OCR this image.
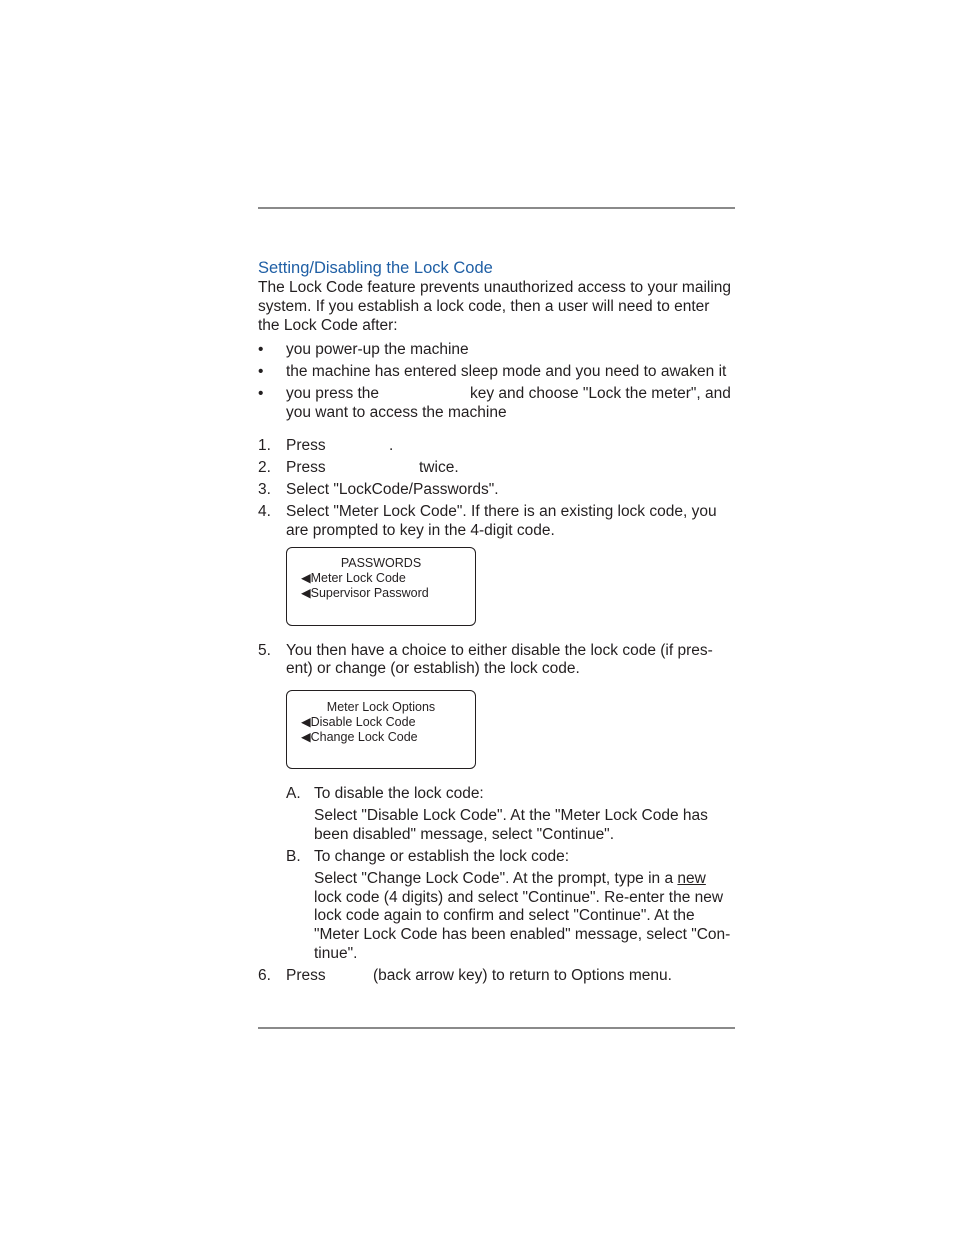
Setting/Disabling the Lock Code
The Lock Code feature prevents unauthorized access to your mailing
system. If you establish a lock code, then a user will need to enter
the Lock Code after:
• you power-up the machine
• the machine has entered sleep mode and you need to awaken it
• you press the	key and choose "Lock the meter", and
you want to access the machine
1. Press	.
2. Press	twice.
3. Select "LockCode/Passwords".
4. Select "Meter Lock Code". If there is an existing lock code, you
are prompted to key in the 4-digit code.
PASSWORDS
◀Meter Lock Code
◀Supervisor Password
5. You then have a choice to either disable the lock code (if pres-
ent) or change (or establish) the lock code.
Meter Lock Options
◀Disable Lock Code
◀Change Lock Code
A. To disable the lock code:
Select "Disable Lock Code". At the "Meter Lock Code has
been disabled" message, select "Continue".
B. To change or establish the lock code:
Select "Change Lock Code". At the prompt, type in a new
lock code (4 digits) and select "Continue". Re-enter the new
lock code again to confirm and select "Continue". At the
"Meter Lock Code has been enabled" message, select "Con-
tinue".
6. Press	(back arrow key) to return to Options menu.
